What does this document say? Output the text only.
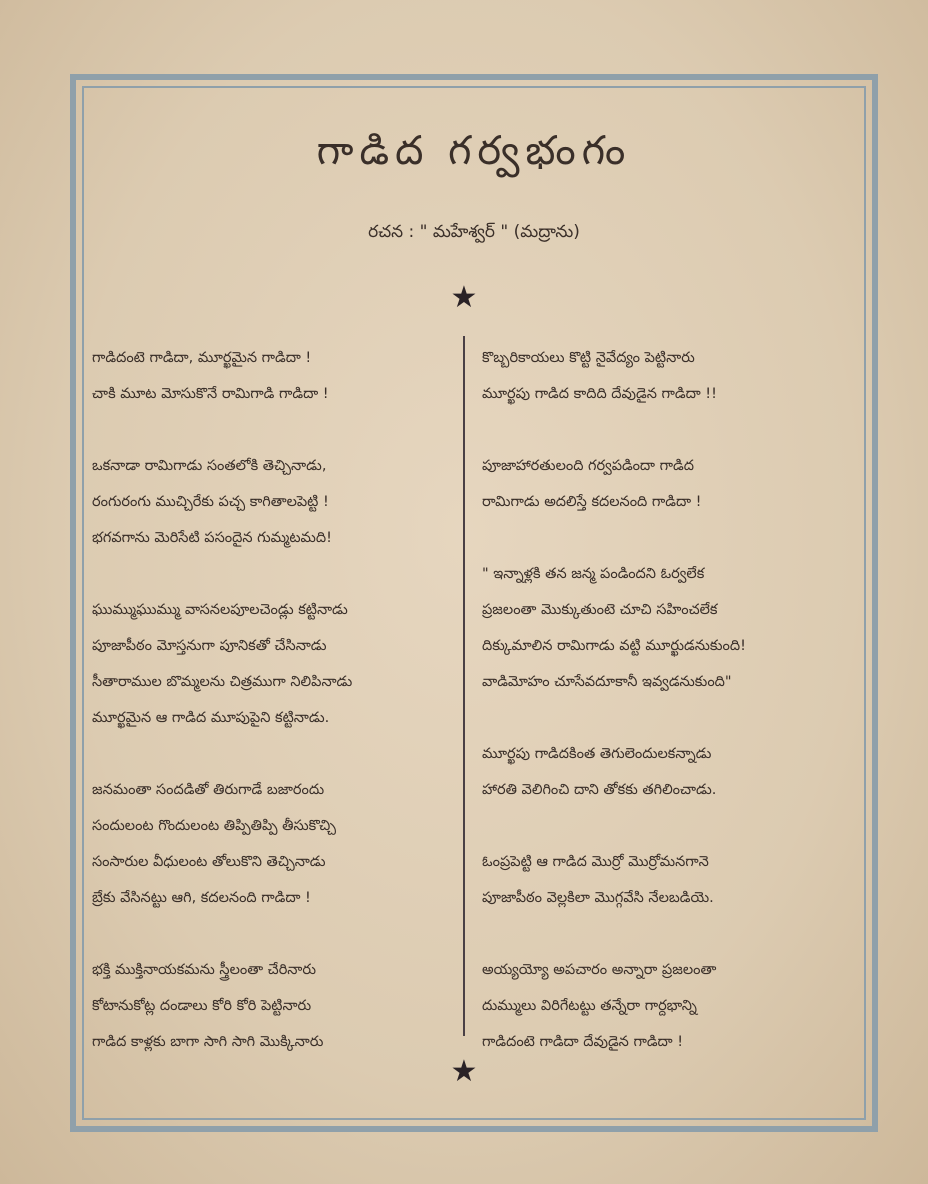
గాడిద గర్వభంగం
రచన : " మహేశ్వర్ " (మద్రాను)
★
గాడిదంటె గాడిదా, మూర్ఖమైన గాడిదా !
చాకి మూట మోసుకొనే రామిగాడి గాడిదా !
ఒకనాడా రామిగాడు సంతలోకి తెచ్చినాడు,
రంగురంగు ముచ్చిరేకు పచ్చ కాగితాలపెట్టి !
భగవగాను మెరిసేటి పసందైన గుమ్మటమది!
ఘుమ్ముఘుమ్ము వాసనలపూలచెండ్లు కట్టినాడు
పూజాపీఠం మోస్తనుగా పూనికతో చేసినాడు
సీతారాముల బొమ్మలను చిత్రముగా నిలిపినాడు
మూర్ఖమైన ఆ గాడిద మూపుపైని కట్టినాడు.
జనమంతా సందడితో తిరుగాడే బజారందు
సందులంట గొందులంట తిప్పితిప్పి తీసుకొచ్చి
సంసారుల వీధులంట తోలుకొని తెచ్చినాడు
బ్రేకు వేసినట్టు ఆగి, కదలనంది గాడిదా !
భక్తి ముక్తినాయకమను స్త్రీలంతా చేరినారు
కోటానుకోట్ల దండాలు కోరి కోరి పెట్టినారు
గాడిద కాళ్లకు బాగా సాగి సాగి మొక్కినారు
కొబ్బరికాయలు కొట్టి నైవేద్యం పెట్టినారు
మూర్ఖపు గాడిద కాదిది దేవుడైన గాడిదా !!
పూజాహారతులంది గర్వపడిందా గాడిద
రామిగాడు అదలిస్తే కదలనంది గాడిదా !
" ఇన్నాళ్లకి తన జన్మ పండిందని ఓర్వలేక
ప్రజలంతా మొక్కుతుంటె చూచి సహించలేక
దిక్కుమాలిన రామిగాడు వట్టి మూర్ఖుడనుకుంది!
వాడిమోహం చూసేవదూకానీ ఇవ్వడనుకుంది"
మూర్ఖపు గాడిదకింత తెగులెందులకన్నాడు
హారతి వెలిగించి దాని తోకకు తగిలించాడు.
ఓంప్రపెట్టి ఆ గాడిద మొర్రో మొర్రోమనగానె
పూజాపీఠం వెల్లకిలా మొగ్గవేసి నేలబడియె.
అయ్యయ్యో అపచారం అన్నారా ప్రజలంతా
దుమ్ములు విరిగేటట్టు తన్నేరా గార్దభాన్ని
గాడిదంటె గాడిదా దేవుడైన గాడిదా !
★
